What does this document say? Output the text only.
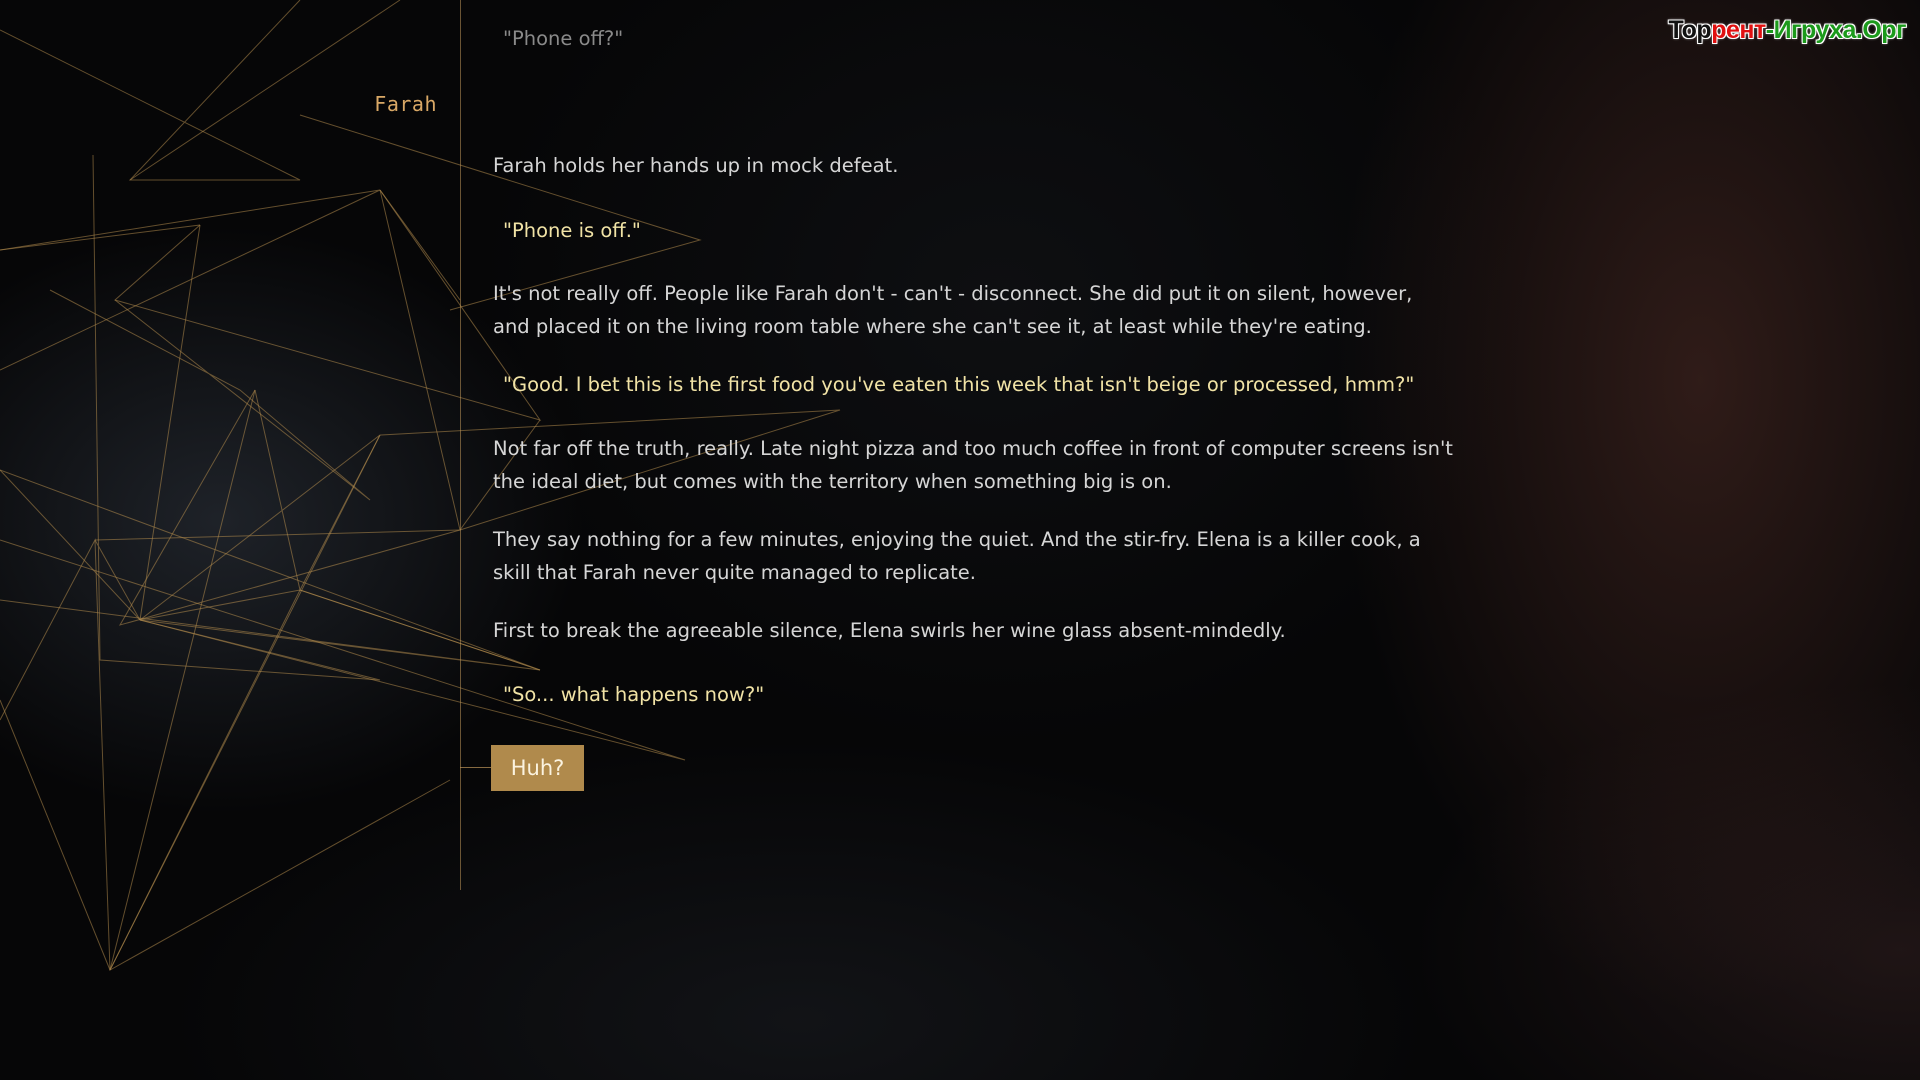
Торрент-Игруха.Орг
Farah
"Phone off?"
Farah holds her hands up in mock defeat.
"Phone is off."
It's not really off. People like Farah don't - can't - disconnect. She did put it on silent, however, and placed it on the living room table where she can't see it, at least while they're eating.
"Good. I bet this is the first food you've eaten this week that isn't beige or processed, hmm?"
Not far off the truth, really. Late night pizza and too much coffee in front of computer screens isn't the ideal diet, but comes with the territory when something big is on.
They say nothing for a few minutes, enjoying the quiet. And the stir-fry. Elena is a killer cook, a skill that Farah never quite managed to replicate.
First to break the agreeable silence, Elena swirls her wine glass absent-mindedly.
"So... what happens now?"
Huh?
